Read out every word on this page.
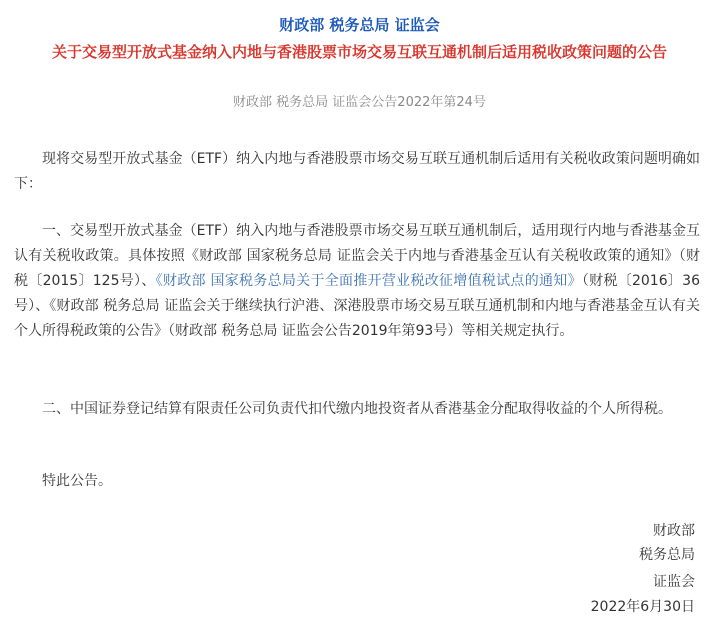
财政部 税务总局 证监会
关于交易型开放式基金纳入内地与香港股票市场交易互联互通机制后适用税收政策问题的公告
财政部 税务总局 证监会公告2022年第24号

现将交易型开放式基金（ETF）纳入内地与香港股票市场交易互联互通机制后适用有关税收政策问题明确如下：

一、交易型开放式基金（ETF）纳入内地与香港股票市场交易互联互通机制后，适用现行内地与香港基金互认有关税收政策。具体按照《财政部 国家税务总局 证监会关于内地与香港基金互认有关税收政策的通知》（财税〔2015〕125号）、《财政部 国家税务总局关于全面推开营业税改征增值税试点的通知》（财税〔2016〕36号）、《财政部 税务总局 证监会关于继续执行沪港、深港股票市场交易互联互通机制和内地与香港基金互认有关个人所得税政策的公告》（财政部 税务总局 证监会公告2019年第93号）等相关规定执行。

二、中国证券登记结算有限责任公司负责代扣代缴内地投资者从香港基金分配取得收益的个人所得税。

特此公告。

财政部
税务总局
证监会
2022年6月30日
